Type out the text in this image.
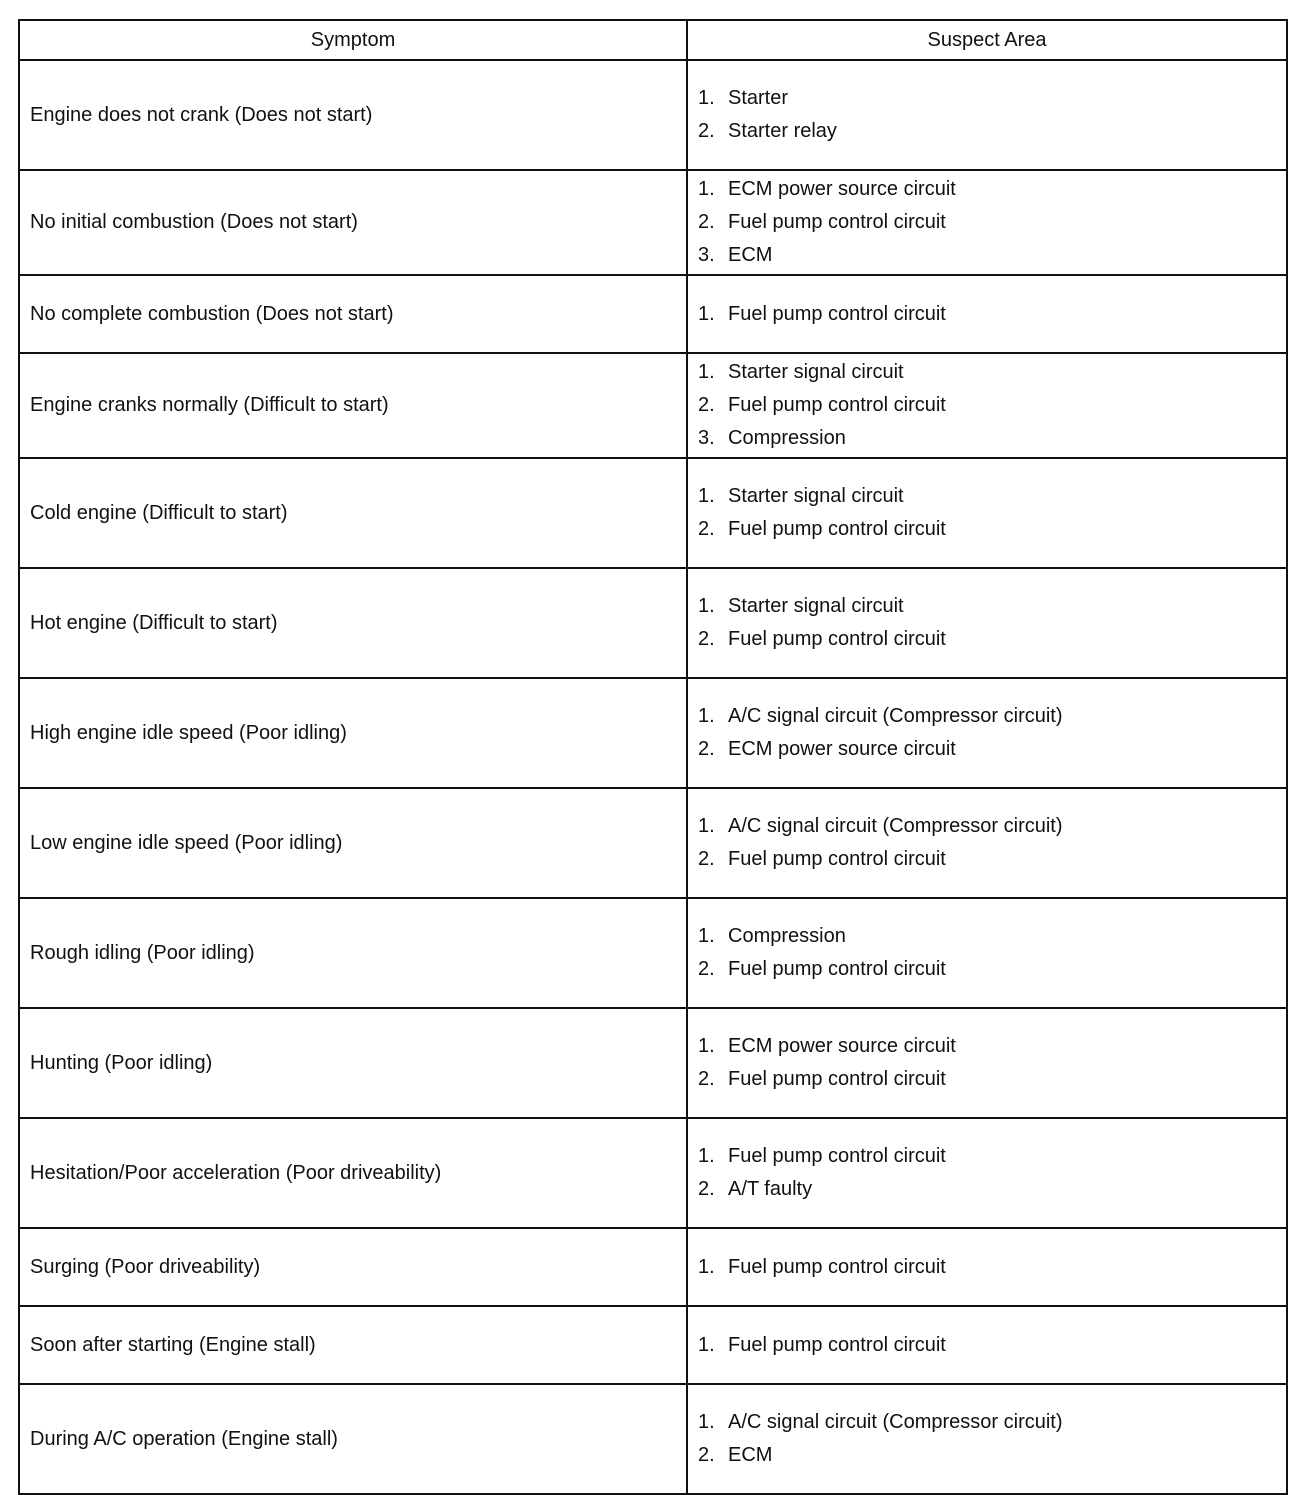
Symptom	Suspect Area
Engine does not crank (Does not start)	1. Starter
2. Starter relay

No initial combustion (Does not start)	1. ECM power source circuit
2. Fuel pump control circuit
3. ECM

No complete combustion (Does not start)	1. Fuel pump control circuit

Engine cranks normally (Difficult to start)	1. Starter signal circuit
2. Fuel pump control circuit
3. Compression

Cold engine (Difficult to start)	1. Starter signal circuit
2. Fuel pump control circuit

Hot engine (Difficult to start)	1. Starter signal circuit
2. Fuel pump control circuit

High engine idle speed (Poor idling)	1. A/C signal circuit (Compressor circuit)
2. ECM power source circuit

Low engine idle speed (Poor idling)	1. A/C signal circuit (Compressor circuit)
2. Fuel pump control circuit

Rough idling (Poor idling)	1. Compression
2. Fuel pump control circuit

Hunting (Poor idling)	1. ECM power source circuit
2. Fuel pump control circuit

Hesitation/Poor acceleration (Poor driveability)	1. Fuel pump control circuit
2. A/T faulty

Surging (Poor driveability)	1. Fuel pump control circuit

Soon after starting (Engine stall)	1. Fuel pump control circuit

During A/C operation (Engine stall)	1. A/C signal circuit (Compressor circuit)
2. ECM
